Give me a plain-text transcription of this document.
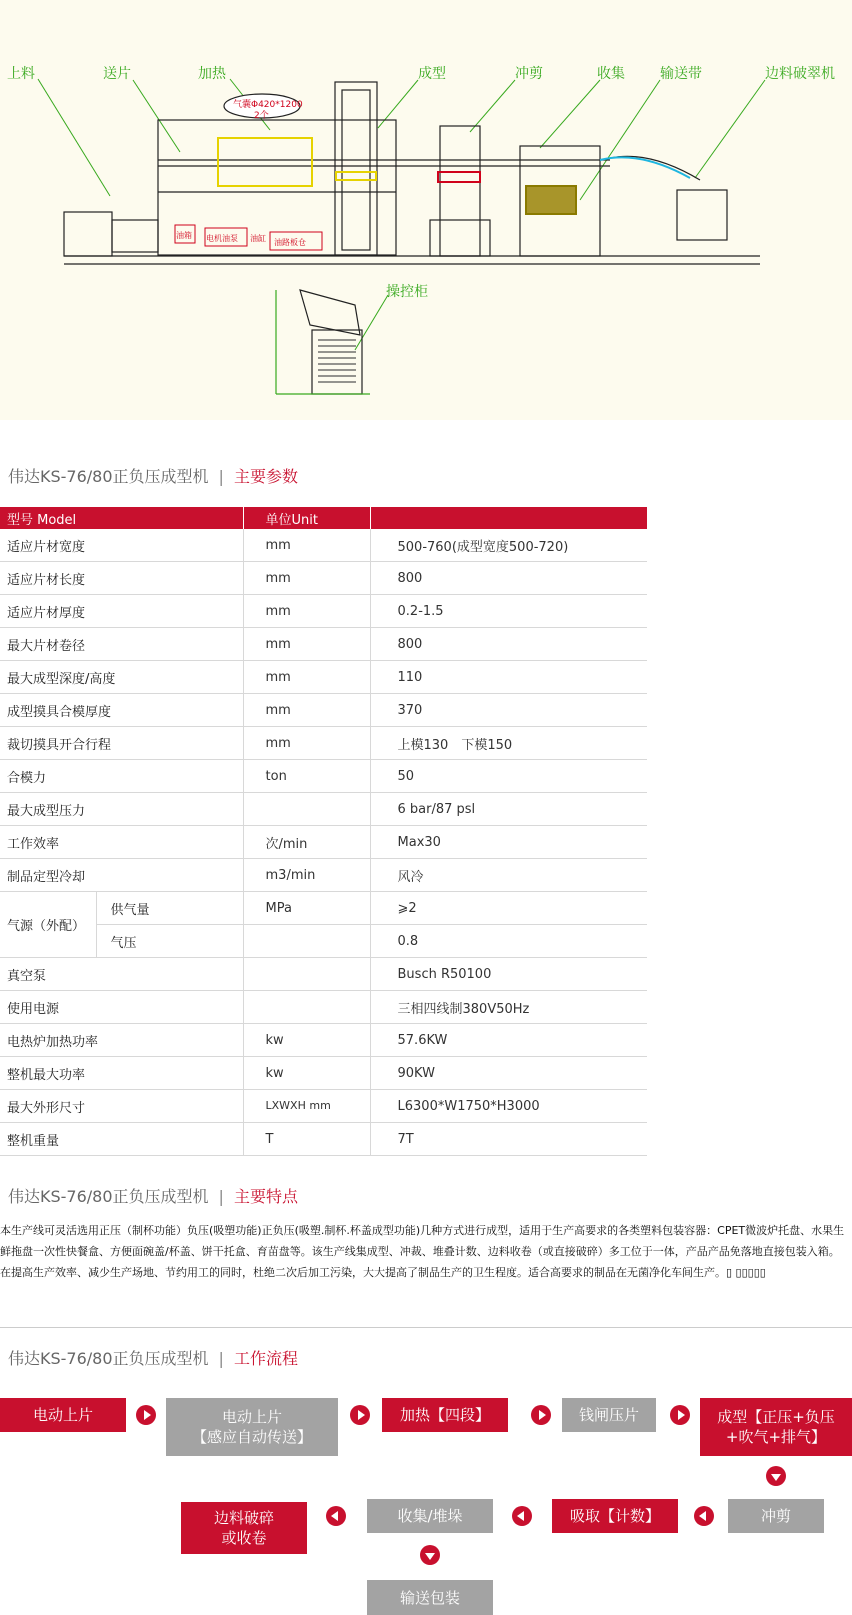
气囊Φ420*1200
2个
油箱 电机油泵 油缸 油路板仓
上料	送片	加热	成型	冲剪	收集	输送带	边料破翠机
操控柜
伟达KS-76/80正负压成型机 | 主要参数
型号 Model		单位Unit	
适应片材宽度		mm	500-760(成型宽度500-720)
适应片材长度		mm	800
适应片材厚度		mm	0.2-1.5
最大片材卷径		mm	800
最大成型深度/高度		mm	110
成型摸具合模厚度		mm	370
裁切摸具开合行程		mm	上模130　下模150
合模力		ton	50
最大成型压力			6 bar/87 psl
工作效率		次/min	Max30
制品定型冷却		m3/min	风冷
气源（外配）	供气量	MPa	⩾2
	气压		0.8
真空泵			Busch R50100
使用电源			三相四线制380V50Hz
电热炉加热功率		kw	57.6KW
整机最大功率		kw	90KW
最大外形尺寸		LXWXH mm	L6300*W1750*H3000
整机重量		T	7T
伟达KS-76/80正负压成型机 | 主要特点
本生产线可灵活选用正压（制杯功能）负压(吸塑功能)正负压(吸塑.制杯.杯盖成型功能)几种方式进行成型，适用于生产高要求的各类塑料包装容器：CPET微波炉托盘、水果生鲜拖盘一次性快餐盒、方便面碗盖/杯盖、饼干托盒、育苗盘等。该生产线集成型、冲裁、堆叠计数、边料收卷（或直接破碎）多工位于一体，产品产品免落地直接包装入箱。在提高生产效率、减少生产场地、节约用工的同时，杜绝二次后加工污染，大大提高了制品生产的卫生程度。适合高要求的制品在无菌净化车间生产。▯ ▯▯▯▯▯
伟达KS-76/80正负压成型机 | 工作流程
电动上片	电动上片
【感应自动传送】
加热【四段】	钱闸压片	成型【正压+负压+吹气+排气】
冲剪
吸取【计数】
收集/堆垛
边料破碎
或收卷
输送包装
